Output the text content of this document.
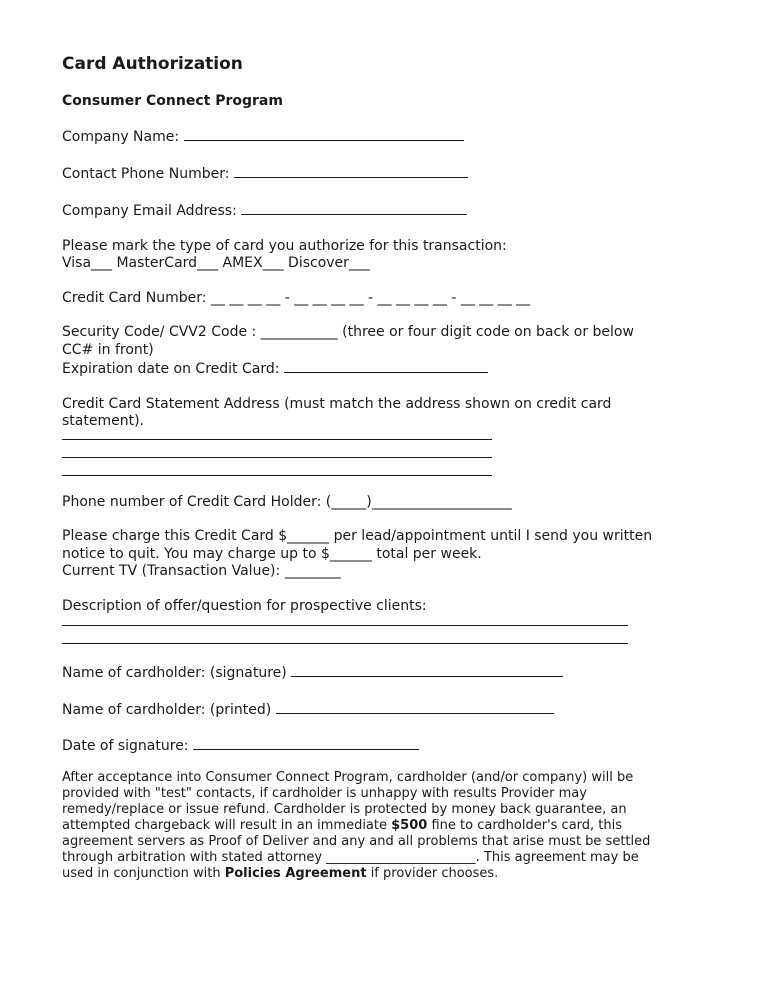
Card Authorization
Consumer Connect Program
Company Name:
Contact Phone Number:
Company Email Address:
Please mark the type of card you authorize for this transaction:
Visa___ MasterCard___ AMEX___ Discover___
Credit Card Number: __ __ __ __ - __ __ __ __ - __ __ __ __ - __ __ __ __
Security Code/ CVV2 Code : ___________ (three or four digit code on back or below
CC# in front)
Expiration date on Credit Card:
Credit Card Statement Address (must match the address shown on credit card
statement).
Phone number of Credit Card Holder: (_____)____________________
Please charge this Credit Card $______ per lead/appointment until I send you written
notice to quit. You may charge up to $______ total per week.
Current TV (Transaction Value): ________
Description of offer/question for prospective clients:
Name of cardholder: (signature)
Name of cardholder: (printed)
Date of signature:
After acceptance into Consumer Connect Program, cardholder (and/or company) will be
provided with "test" contacts, if cardholder is unhappy with results Provider may
remedy/replace or issue refund. Cardholder is protected by money back guarantee, an
attempted chargeback will result in an immediate $500 fine to cardholder's card, this
agreement servers as Proof of Deliver and any and all problems that arise must be settled
through arbitration with stated attorney _______________________. This agreement may be
used in conjunction with Policies Agreement if provider chooses.
